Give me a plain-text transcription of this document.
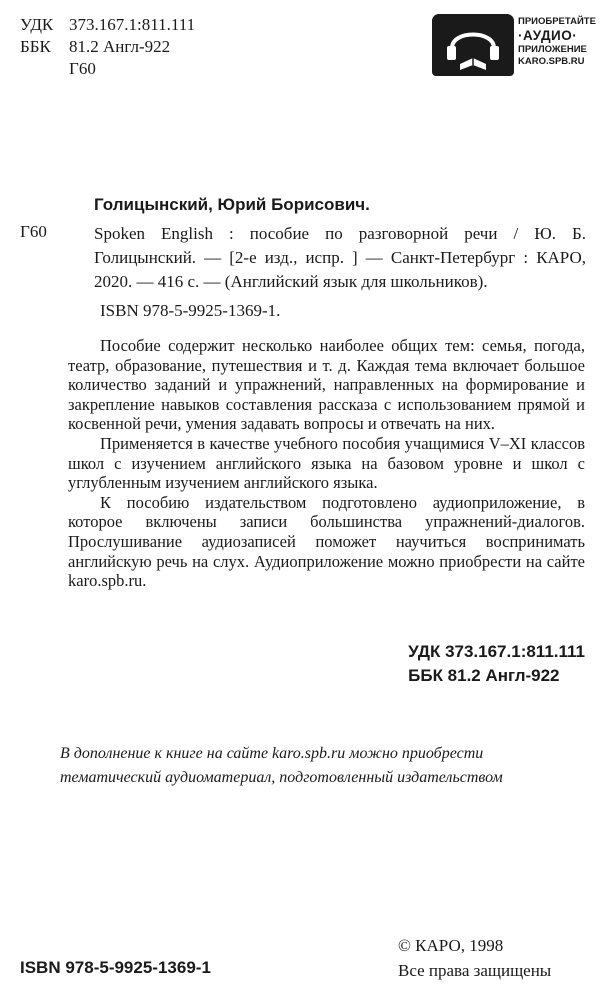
УДК 373.167.1:811.111
ББК	81.2 Англ-922
Г60
ПРИОБРЕТАЙТЕ
·АУДИО·
ПРИЛОЖЕНИЕ
KARO.SPB.RU
Голицынский, Юрий Борисович.
Г60	Spoken English : пособие по разговорной речи / Ю. Б. Голицынский. — [2-е изд., испр. ] — Санкт-Петербург : КАРО, 2020. — 416 с. — (Английский язык для школьников).
ISBN 978-5-9925-1369-1.

Пособие содержит несколько наиболее общих тем: семья, погода, театр, образование, путешествия и т. д. Каждая тема включает большое количество заданий и упражнений, направленных на формирование и закрепление навыков составления рассказа с использованием прямой и косвенной речи, умения задавать вопросы и отвечать на них.

Применяется в качестве учебного пособия учащимися V–XI классов школ с изучением английского языка на базовом уровне и школ с углубленным изучением английского языка.

К пособию издательством подготовлено аудиоприложение, в которое включены записи большинства упражнений-диалогов. Прослушивание аудиозаписей поможет научиться воспринимать английскую речь на слух. Аудиоприложение можно приобрести на сайте karo.spb.ru.

УДК 373.167.1:811.111
ББК 81.2 Англ-922
В дополнение к книге на сайте karo.spb.ru можно приобрести тематический аудиоматериал, подготовленный издательством
© КАРО, 1998
Все права защищены
ISBN 978-5-9925-1369-1
